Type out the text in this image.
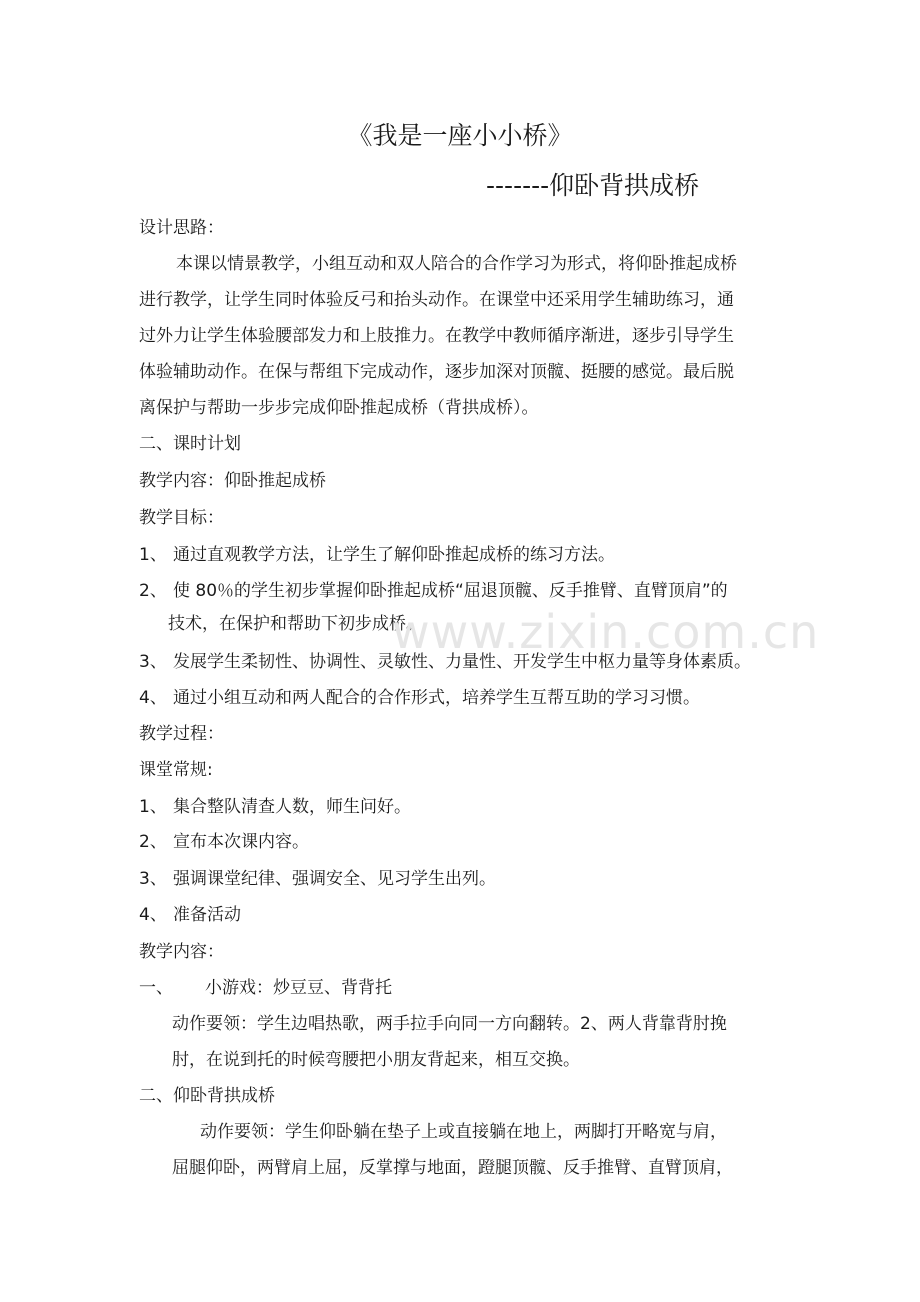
《我是一座小小桥》
-------仰卧背拱成桥
设计思路：
本课以情景教学，小组互动和双人陪合的合作学习为形式，将仰卧推起成桥
进行教学，让学生同时体验反弓和抬头动作。在课堂中还采用学生辅助练习，通
过外力让学生体验腰部发力和上肢推力。在教学中教师循序渐进，逐步引导学生
体验辅助动作。在保与帮组下完成动作，逐步加深对顶髋、挺腰的感觉。最后脱
离保护与帮助一步步完成仰卧推起成桥（背拱成桥）。
二、课时计划
教学内容：仰卧推起成桥
教学目标：
1、 通过直观教学方法，让学生了解仰卧推起成桥的练习方法。
2、 使 80％的学生初步掌握仰卧推起成桥“屈退顶髋、反手推臂、直臂顶肩”的
技术，在保护和帮助下初步成桥。
3、 发展学生柔韧性、协调性、灵敏性、力量性、开发学生中枢力量等身体素质。
4、 通过小组互动和两人配合的合作形式，培养学生互帮互助的学习习惯。
教学过程：
课堂常规:
1、 集合整队清查人数，师生问好。
2、 宣布本次课内容。
3、 强调课堂纪律、强调安全、见习学生出列。
4、 准备活动
教学内容：
一、 小游戏：炒豆豆、背背托
动作要领：学生边唱热歌，两手拉手向同一方向翻转。2、两人背靠背肘挽
肘，在说到托的时候弯腰把小朋友背起来，相互交换。
二、仰卧背拱成桥
动作要领：学生仰卧躺在垫子上或直接躺在地上，两脚打开略宽与肩，
屈腿仰卧，两臂肩上屈，反掌撑与地面，蹬腿顶髋、反手推臂、直臂顶肩，
www.zixin.com.cn
